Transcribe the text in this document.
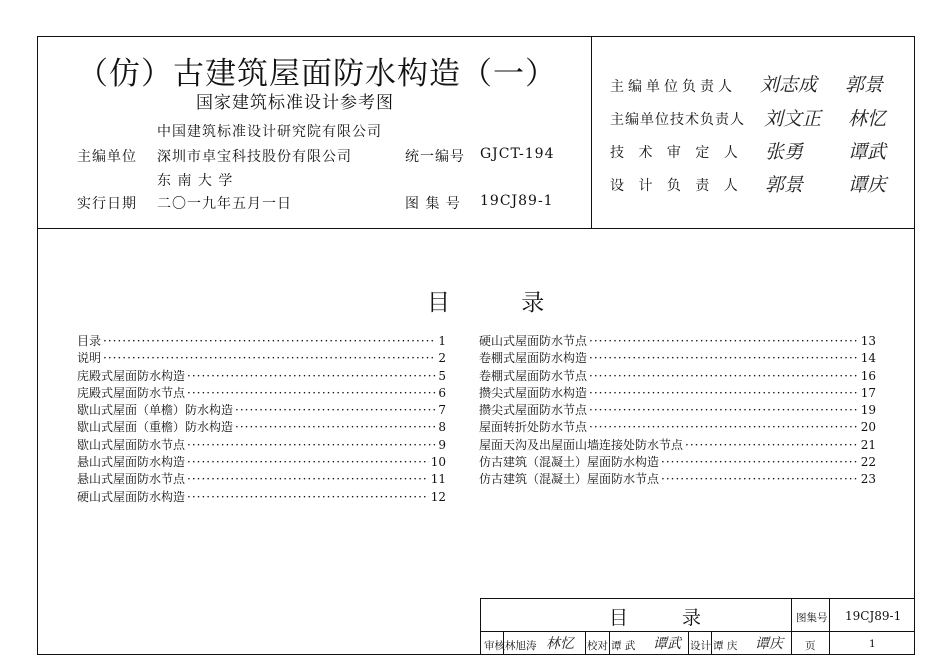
（仿）古建筑屋面防水构造（一）
国家建筑标准设计参考图
主编单位
中国建筑标准设计研究院有限公司
深圳市卓宝科技股份有限公司
东 南 大 学
实行日期 二〇一九年五月一日
统一编号 GJCT-194
图 集 号 19CJ89-1
主编单位负责人 刘志成 郭景
主编单位技术负责人 刘文正 林忆
技 术 审 定 人 张勇 谭武
设 计 负 责 人 郭景 谭庆
目 录
目录 ·····	1
说明 ·····	2
庑殿式屋面防水构造 ·····	5
庑殿式屋面防水节点 ·····	6
歇山式屋面（单檐）防水构造 ·····	7
歇山式屋面（重檐）防水构造 ·····	8
歇山式屋面防水节点 ·····	9
悬山式屋面防水构造 ·····	10
悬山式屋面防水节点 ·····	11
硬山式屋面防水构造 ·····	12
硬山式屋面防水节点 ·····	13
卷棚式屋面防水构造 ·····	14
卷棚式屋面防水节点 ·····	16
攒尖式屋面防水构造 ·····	17
攒尖式屋面防水节点 ·····	19
屋面转折处防水节点 ·····	20
屋面天沟及出屋面山墙连接处防水节点 ·····	21
仿古建筑（混凝土）屋面防水构造 ·····	22
仿古建筑（混凝土）屋面防水节点 ·····	23
目 录	图集号 19CJ89-1
页	1
审核 林旭涛 林忆 校对 谭 武 谭武 设计 谭 庆 谭庆
